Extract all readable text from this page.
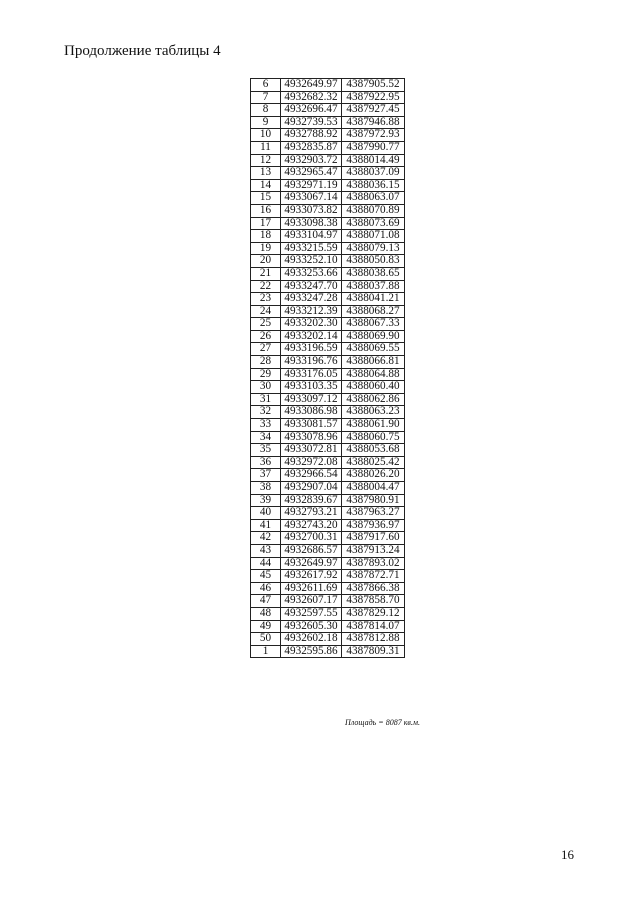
Продолжение таблицы 4
6	4932649.97	4387905.52
7	4932682.32	4387922.95
8	4932696.47	4387927.45
9	4932739.53	4387946.88
10	4932788.92	4387972.93
11	4932835.87	4387990.77
12	4932903.72	4388014.49
13	4932965.47	4388037.09
14	4932971.19	4388036.15
15	4933067.14	4388063.07
16	4933073.82	4388070.89
17	4933098.38	4388073.69
18	4933104.97	4388071.08
19	4933215.59	4388079.13
20	4933252.10	4388050.83
21	4933253.66	4388038.65
22	4933247.70	4388037.88
23	4933247.28	4388041.21
24	4933212.39	4388068.27
25	4933202.30	4388067.33
26	4933202.14	4388069.90
27	4933196.59	4388069.55
28	4933196.76	4388066.81
29	4933176.05	4388064.88
30	4933103.35	4388060.40
31	4933097.12	4388062.86
32	4933086.98	4388063.23
33	4933081.57	4388061.90
34	4933078.96	4388060.75
35	4933072.81	4388053.68
36	4932972.08	4388025.42
37	4932966.54	4388026.20
38	4932907.04	4388004.47
39	4932839.67	4387980.91
40	4932793.21	4387963.27
41	4932743.20	4387936.97
42	4932700.31	4387917.60
43	4932686.57	4387913.24
44	4932649.97	4387893.02
45	4932617.92	4387872.71
46	4932611.69	4387866.38
47	4932607.17	4387858.70
48	4932597.55	4387829.12
49	4932605.30	4387814.07
50	4932602.18	4387812.88
1	4932595.86	4387809.31
Площадь = 8087 кв.м.
16
